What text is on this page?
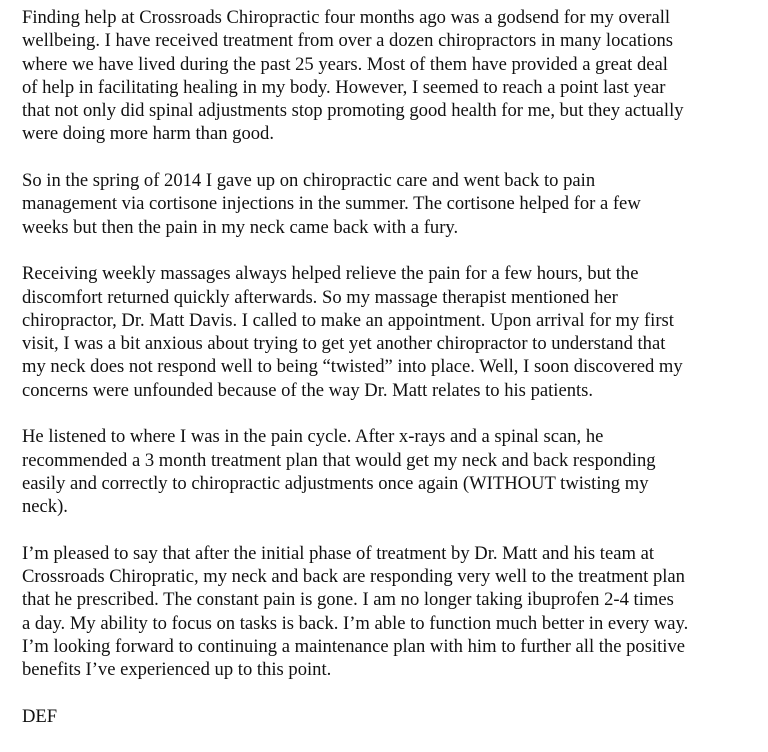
Finding help at Crossroads Chiropractic four months ago was a godsend for my overall
wellbeing. I have received treatment from over a dozen chiropractors in many locations
where we have lived during the past 25 years. Most of them have provided a great deal
of help in facilitating healing in my body. However, I seemed to reach a point last year
that not only did spinal adjustments stop promoting good health for me, but they actually
were doing more harm than good.

So in the spring of 2014 I gave up on chiropractic care and went back to pain
management via cortisone injections in the summer. The cortisone helped for a few
weeks but then the pain in my neck came back with a fury.

Receiving weekly massages always helped relieve the pain for a few hours, but the
discomfort returned quickly afterwards. So my massage therapist mentioned her
chiropractor, Dr. Matt Davis. I called to make an appointment. Upon arrival for my first
visit, I was a bit anxious about trying to get yet another chiropractor to understand that
my neck does not respond well to being “twisted” into place. Well, I soon discovered my
concerns were unfounded because of the way Dr. Matt relates to his patients.

He listened to where I was in the pain cycle. After x-rays and a spinal scan, he
recommended a 3 month treatment plan that would get my neck and back responding
easily and correctly to chiropractic adjustments once again (WITHOUT twisting my
neck).

I’m pleased to say that after the initial phase of treatment by Dr. Matt and his team at
Crossroads Chiropratic, my neck and back are responding very well to the treatment plan
that he prescribed. The constant pain is gone. I am no longer taking ibuprofen 2-4 times
a day. My ability to focus on tasks is back. I’m able to function much better in every way.
I’m looking forward to continuing a maintenance plan with him to further all the positive
benefits I’ve experienced up to this point.

DEF
